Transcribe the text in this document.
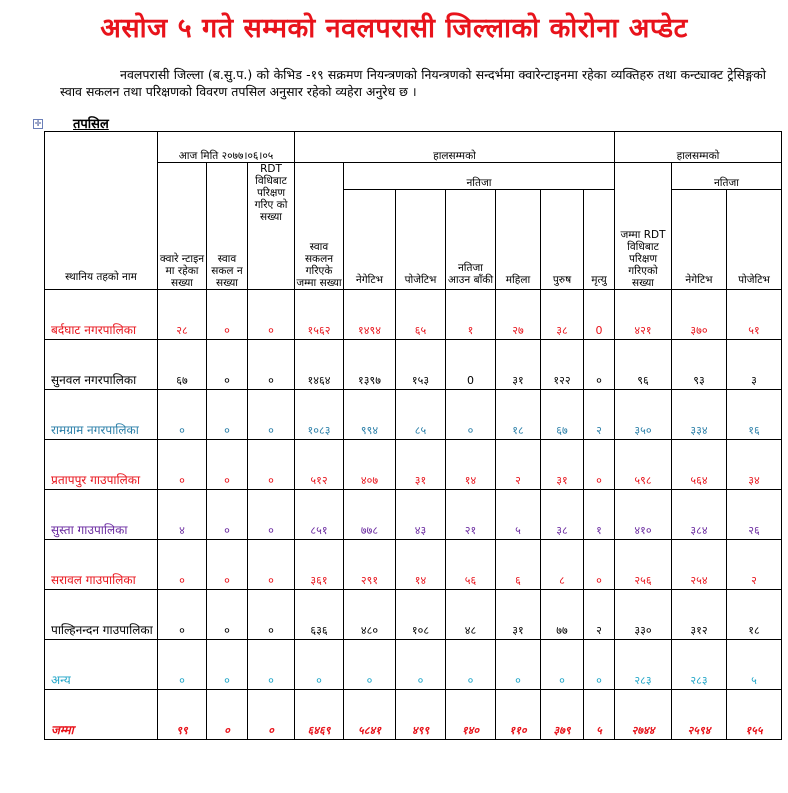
असोज ५ गते सम्मको नवलपरासी जिल्लाको कोरोना अप्डेट
नवलपरासी जिल्ला (ब.सु.प.) को केभिड -१९ सक्रमण नियन्त्रणको नियन्त्रणको सन्दर्भमा क्वारेन्टाइनमा रहेका व्यक्तिहरु तथा कन्ट्याक्ट ट्रेसिङ्गको स्वाव सकलन तथा परिक्षणको विवरण तपसिल अनुसार रहेको व्यहेरा अनुरेध छ ।
✛ तपसिल
स्थानिय तहको नाम	आज मिति २०७७।०६।०५			हालसम्मको							हालसम्मको		
	क्वारे न्टाइन मा रहेका सख्या	स्वाव सकल न सख्या	RDT विधिबाट परिक्षण गरिए को सख्या	स्वाव सकलन गरिएके जम्मा सख्या	नतिजा						जम्मा RDT विधिबाट परिक्षण गरिएको सख्या	नतिजा	
					नेगेटिभ	पोजेटिभ	नतिजा आउन बाँकी	महिला	पुरुष	मृत्यु		नेगेटिभ	पोजेटिभ
बर्दघाट नगरपालिका	२८	०	०	१५६२	१४९४	६५	१	२७	३८	0	४२१	३७०	५१
सुनवल नगरपालिका	६७	०	०	१४६४	१३९७	१५३	0	३१	१२२	०	९६	९३	३
रामग्राम नगरपालिका	०	०	०	१०८३	९९४	८५	०	१८	६७	२	३५०	३३४	१६
प्रतापपुर गाउपालिका	०	०	०	५१२	४०७	३१	१४	२	३१	०	५९८	५६४	३४
सुस्ता गाउपालिका	४	०	०	८५१	७७८	४३	२१	५	३८	१	४१०	३८४	२६
सरावल गाउपालिका	०	०	०	३६१	२९१	१४	५६	६	८	०	२५६	२५४	२
पाल्हिनन्दन गाउपालिका	०	०	०	६३६	४८०	१०८	४८	३१	७७	२	३३०	३१२	१८
अन्य	०	०	०	०	०	०	०	०	०	०	२८३	२८३	५
जम्मा	९९	०	०	६४६९	५८४१	४९९	१४०	११०	३७९	५	२७४४	२५९४	१५५
